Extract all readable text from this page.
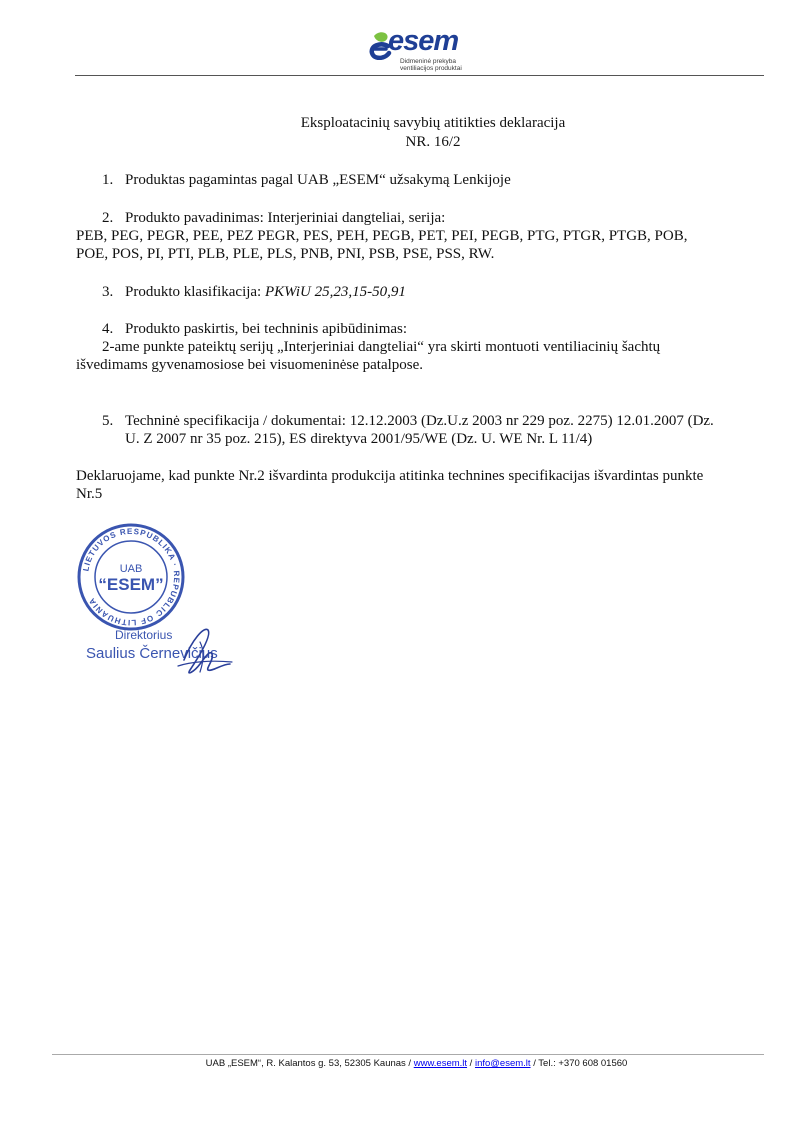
esem
Didmeninė prekyba
ventiliacijos produktai
Eksploatacinių savybių atitikties deklaracija
NR. 16/2
1. Produktas pagamintas pagal UAB „ESEM“ užsakymą Lenkijoje
2. Produkto pavadinimas: Interjeriniai dangteliai, serija:
PEB, PEG, PEGR, PEE, PEZ PEGR, PES, PEH, PEGB, PET, PEI, PEGB, PTG, PTGR, PTGB, POB,
POE, POS, PI, PTI, PLB, PLE, PLS, PNB, PNI, PSB, PSE, PSS, RW.
3. Produkto klasifikacija: PKWiU 25,23,15-50,91
4. Produkto paskirtis, bei techninis apibūdinimas:
2-ame punkte pateiktų serijų „Interjeriniai dangteliai“ yra skirti montuoti ventiliacinių šachtų
išvedimams gyvenamosiose bei visuomeninėse patalpose.
5. Techninė specifikacija / dokumentai: 12.12.2003 (Dz.U.z 2003 nr 229 poz. 2275) 12.01.2007 (Dz.
U. Z 2007 nr 35 poz. 215), ES direktyva 2001/95/WE (Dz. U. WE Nr. L 11/4)
Deklaruojame, kad punkte Nr.2 išvardinta produkcija atitinka technines specifikacijas išvardintas punkte
Nr.5
LIETUVOS RESPUBLIKA · REPUBLIC OF LITHUANIA
UAB
“ESEM”
Direktorius
Saulius Černevičius
UAB „ESEM“, R. Kalantos g. 53, 52305 Kaunas / www.esem.lt / info@esem.lt / Tel.: +370 608 01560
